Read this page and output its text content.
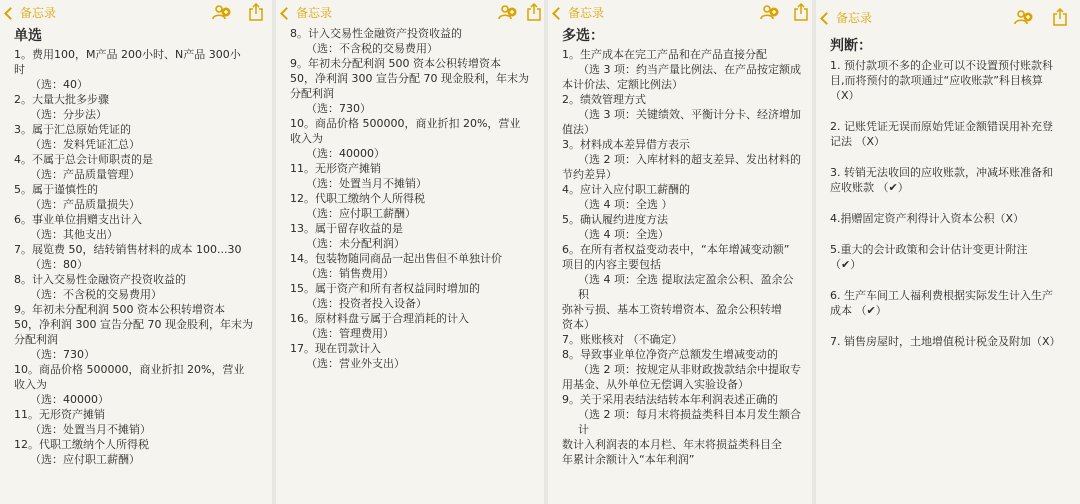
备忘录
单选
1。费用100，M产品 200小时、N产品 300小
时
（选：40）
2。大量大批多步骤
（选：分步法）
3。属于汇总原始凭证的
（选：发料凭证汇总）
4。不属于总会计师职责的是
（选：产品质量管理）
5。属于谨慎性的
（选：产品质量损失）
6。事业单位捐赠支出计入
（选：其他支出）
7。展览费 50，结转销售材料的成本 100...30
（选：80）
8。计入交易性金融资产投资收益的
（选：不含税的交易费用）
9。年初未分配利润 500 资本公积转增资本
50，净利润 300 宣告分配 70 现金股利，年末为
分配利润
（选：730）
10。商品价格 500000，商业折扣 20%，营业
收入为
（选：40000）
11。无形资产摊销
（选：处置当月不摊销）
12。代职工缴纳个人所得税
（选：应付职工薪酬）
备忘录
8。计入交易性金融资产投资收益的
（选：不含税的交易费用）
9。年初未分配利润 500 资本公积转增资本
50，净利润 300 宣告分配 70 现金股利，年末为
分配利润
（选：730）
10。商品价格 500000，商业折扣 20%，营业
收入为
（选：40000）
11。无形资产摊销
（选：处置当月不摊销）
12。代职工缴纳个人所得税
（选：应付职工薪酬）
13。属于留存收益的是
（选：未分配利润）
14。包装物随同商品一起出售但不单独计价
（选：销售费用）
15。属于资产和所有者权益同时增加的
（选：投资者投入设备）
16。原材料盘亏属于合理消耗的计入
（选：管理费用）
17。现在罚款计入
（选：营业外支出）
备忘录
多选：
1。生产成本在完工产品和在产品直接分配
（选 3 项：约当产量比例法、在产品按定额成
本计价法、定额比例法）
2。绩效管理方式
（选 3 项：关键绩效、平衡计分卡、经济增加
值法）
3。材料成本差异借方表示
（选 2 项：入库材料的超支差异、发出材料的
节约差异）
4。应计入应付职工薪酬的
（选 4 项：全选 ）
5。确认履约进度方法
（选 4 项：全选）
6。在所有者权益变动表中，“本年增减变动额”
项目的内容主要包括
（选 4 项：全选 提取法定盈余公积、盈余公积
弥补亏损、基本工资转增资本、盈余公积转增
资本）
7。账账核对 （不确定）
8。导致事业单位净资产总额发生增减变动的
（选 2 项：按规定从非财政拨款结余中提取专
用基金、从外单位无偿调入实验设备）
9。关于采用表结法结转本年利润表述正确的
（选 2 项：每月末将损益类科目本月发生额合计
数计入利润表的本月栏、年末将损益类科目全
年累计余额计入“本年利润”
备忘录
判断：
1. 预付款项不多的企业可以不设置预付账款科
目,而将预付的款项通过“应收账款”科目核算
（X）
2. 记账凭证无误而原始凭证金额错误用补充登
记法 （X）
3. 转销无法收回的应收账款，冲减坏账准备和
应收账款 （✔）
4.捐赠固定资产利得计入资本公积（X）
5.重大的会计政策和会计估计变更计附注
（✔）
6. 生产车间工人福利费根据实际发生计入生产
成本 （✔）
7. 销售房屋时，土地增值税计税金及附加（X）
